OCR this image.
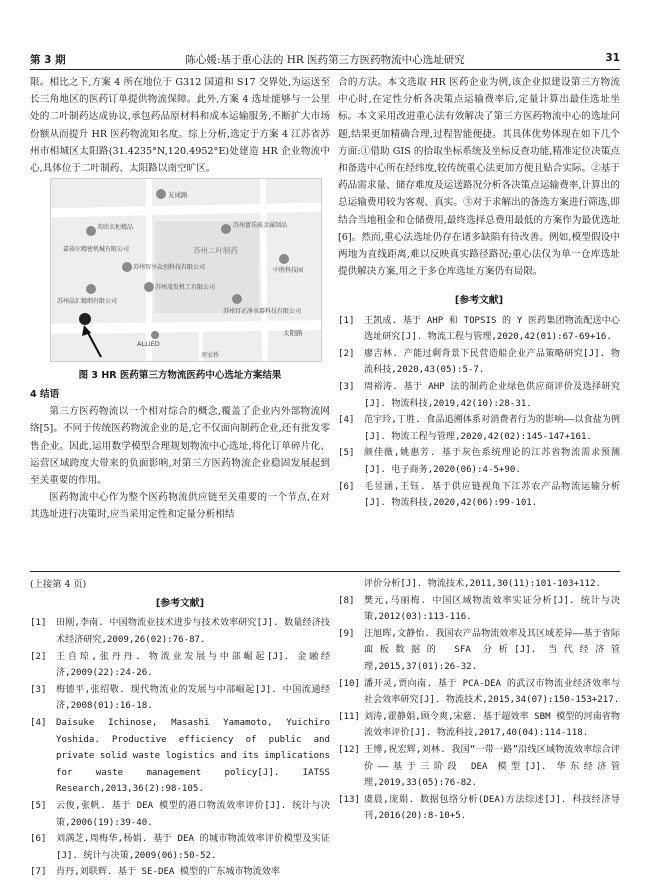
第 3 期	陈心媛:基于重心法的 HR 医药第三方医药物流中心选址研究	31

限。相比之下,方案 4 所在地位于 G312 国道和 S17 交界处,为运送至长三角地区的医药订单提供物流保障。此外,方案 4 选址能够与一公里处的二叶制药达成协议,承包药品原材料和成本运输服务,不断扩大市场份额从而提升 HR 医药物流知名度。综上分析,选定于方案 4 江苏省苏州市相城区太阳路(31.4235°N,120.4952°E)处建造 HR 企业物流中心,具体位于二叶制药、太阳路以南空旷区。

友成路
英欣衣柜精品	苏州富乐威金属制品
嘉裕尔精密机械有限公司	苏州二叶制药
中胜科技园
苏州智享众创科技有限公司
苏州茂发机工有限公司
苏州晶汇精细有限公司
苏州百正净水器科技有限公司
ALLIED
太阳路
周家桥
图 3 HR 医药第三方物流医药中心选址方案结果

4 结语

第三方医药物流以一个相对综合的概念,覆盖了企业内外部物流网络[5]。不同于传统医药物流企业的是,它不仅面向制药企业,还有批发零售企业。因此,运用数学模型合理规划物流中心选址,将化订单碎片化、运营区域跨度大带来的负面影响,对第三方医药物流企业稳固发展起到至关重要的作用。

医药物流中心作为整个医药物流供应链至关重要的一个节点,在对其选址进行决策时,应当采用定性和定量分析相结

合的方法。本文选取 HR 医药企业为例,该企业拟建设第三方物流中心时,在定性分析各决策点运输费率后,定量计算出最佳选址坐标。本文采用改进重心法有效解决了第三方医药物流中心的选址问题,结果更加精确合理,过程智能便捷。其具体优势体现在如下几个方面:①借助 GIS 的拾取坐标系统及坐标反查功能,精准定位决策点和备选中心所在经纬度,较传统重心法更加方便且贴合实际。②基于药品需求量、储存难度及运送路况分析各决策点运输费率,计算出的总运输费用较为客观、真实。③对于求解出的备选方案进行筛选,即结合当地租金和仓储费用,最终选择总费用最低的方案作为最优选址[6]。然而,重心法选址仍存在诸多缺陷有待改善。例如,模型假设中两地为直线距离,难以反映真实路径路况;重心法仅为单一仓库选址提供解决方案,用之于多仓库选址方案仍有局限。

[参考文献]
[1] 王凯成. 基于 AHP 和 TOPSIS 的 Y 医药集团物流配送中心选址研究[J]. 物流工程与管理,2020,42(01):67-69+16.
[2] 廖吉林. 产能过剩背景下民营造船企业产品策略研究[J]. 物流科技,2020,43(05):5-7.
[3] 周裕涛. 基于 AHP 法的制药企业绿色供应商评价及选择研究[J]. 物流科技,2019,42(10):28-31.
[4] 范宇玲,丁胜. 食品追溯体系对消费者行为的影响——以食盐为例[J]. 物流工程与管理,2020,42(02):145-147+161.
[5] 颜佳薇,姚惠芳. 基于灰色系统理论的江苏省物流需求预测[J]. 电子商务,2020(06):4-5+90.
[6] 毛昱涵,王钰. 基于供应链视角下江苏农产品物流运输分析[J]. 物流科技,2020,42(06):99-101.

(上接第 4 页)

[参考文献]
[1] 田刚,李南. 中国物流业技术进步与技术效率研究[J]. 数量经济技术经济研究,2009,26(02):76-87.
[2] 王自琼,张丹丹. 物流业发展与中部崛起[J]. 金融经济,2009(22):24-26.
[3] 梅德平,张绍敬. 现代物流业的发展与中部崛起[J]. 中国流通经济,2008(01):16-18.
[4] Daisuke Ichinose, Masashi Yamamoto, Yuichiro Yoshida. Productive efficiency of public and private solid waste logistics and its implications for waste management policy[J]. IATSS Research,2013,36(2):98-105.
[5] 云俊,张帆. 基于 DEA 模型的港口物流效率评价[J]. 统计与决策,2006(19):39-40.
[6] 刘满芝,周梅华,杨娟. 基于 DEA 的城市物流效率评价模型及实证[J]. 统计与决策,2009(06):50-52.
[7] 肖丹,刘联辉. 基于 SE-DEA 模型的广东城市物流效率
评价分析[J]. 物流技术,2011,30(11):101-103+112.
[8] 樊元,马丽梅. 中国区域物流效率实证分析[J]. 统计与决策,2012(03):113-116.
[9] 汪旭晖,文静怡. 我国农产品物流效率及其区域差异——基于省际面板数据的 SFA 分析[J]. 当代经济管理,2015,37(01):26-32.
[10] 潘开灵,贾向南. 基于 PCA-DEA 的武汉市物流业经济效率与社会效率研究[J]. 物流技术,2015,34(07):150-153+217.
[11] 刘涛,霍静娟,顾令爽,宋慈. 基于超效率 SBM 模型的河南省物流效率评价[J]. 物流科技,2017,40(04):114-118.
[12] 王博,祝宏辉,刘林. 我国“一带一路”沿线区域物流效率综合评价——基于三阶段 DEA 模型[J]. 华东经济管理,2019,33(05):76-82.
[13] 虞晨,庞娟. 数据包络分析(DEA)方法综述[J]. 科技经济导刊,2016(20):8-10+5.
